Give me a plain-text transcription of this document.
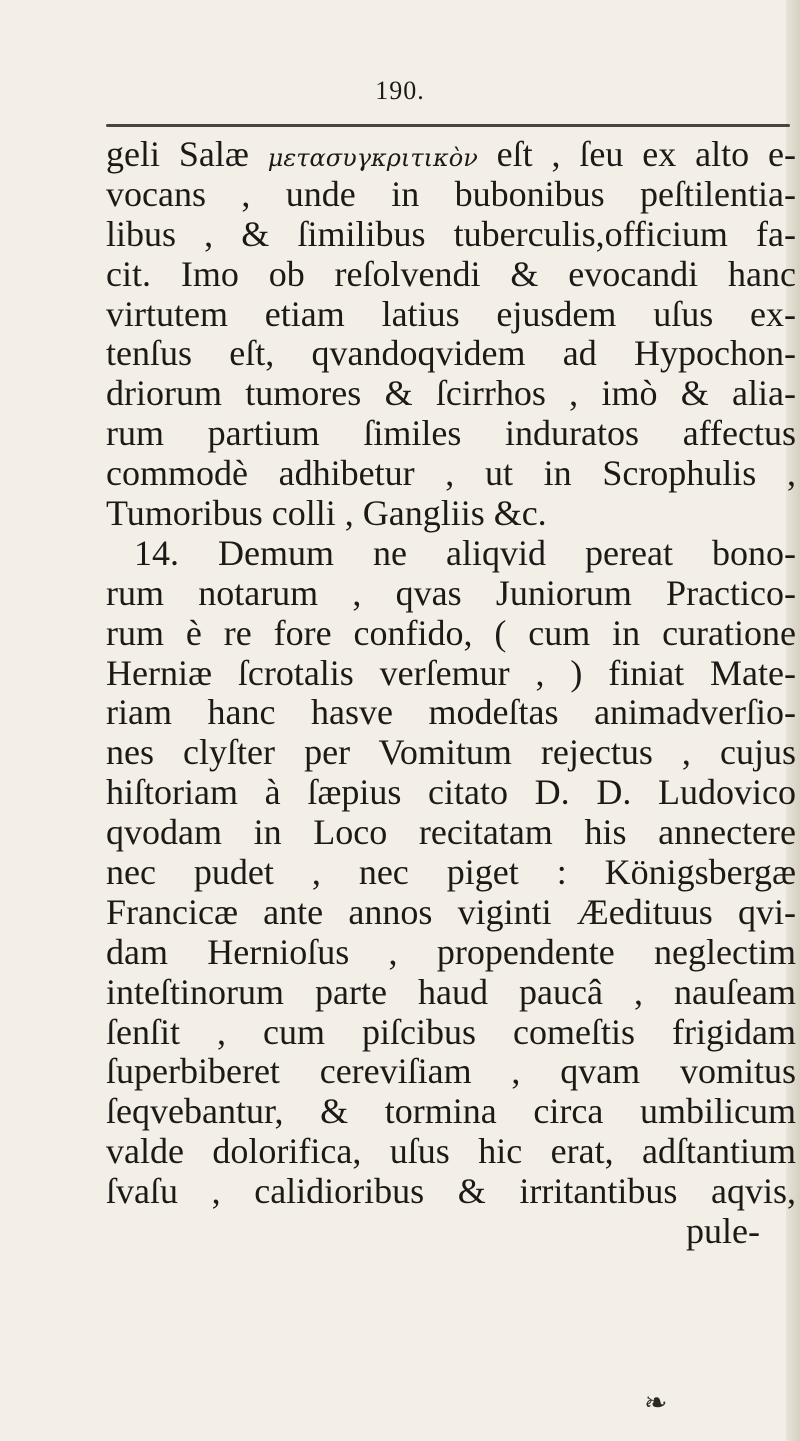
190.
geli Salæ μετασυγκριτικὸν eſt , ſeu ex alto e-
vocans , unde in bubonibus peſtilentia-
libus , & ſimilibus tuberculis,officium fa-
cit. Imo ob reſolvendi & evocandi hanc
virtutem etiam latius ejusdem uſus ex-
tenſus eſt, qvandoqvidem ad Hypochon-
driorum tumores & ſcirrhos , imò & alia-
rum partium ſimiles induratos affectus
commodè adhibetur , ut in Scrophulis ,
Tumoribus colli , Gangliis &c.
14. Demum ne aliqvid pereat bono-
rum notarum , qvas Juniorum Practico-
rum è re fore confido, ( cum in curatione
Herniæ ſcrotalis verſemur , ) finiat Mate-
riam hanc hasve modeſtas animadverſio-
nes clyſter per Vomitum rejectus , cujus
hiſtoriam à ſæpius citato D. D. Ludovico
qvodam in Loco recitatam his annectere
nec pudet , nec piget : Königsbergæ
Francicæ ante annos viginti Æedituus qvi-
dam Hernioſus , propendente neglectim
inteſtinorum parte haud paucâ , nauſeam
ſenſit , cum piſcibus comeſtis frigidam
ſuperbiberet cereviſiam , qvam vomitus
ſeqvebantur, & tormina circa umbilicum
valde dolorifica, uſus hic erat, adſtantium
ſvaſu , calidioribus & irritantibus aqvis,
pule-
❧
